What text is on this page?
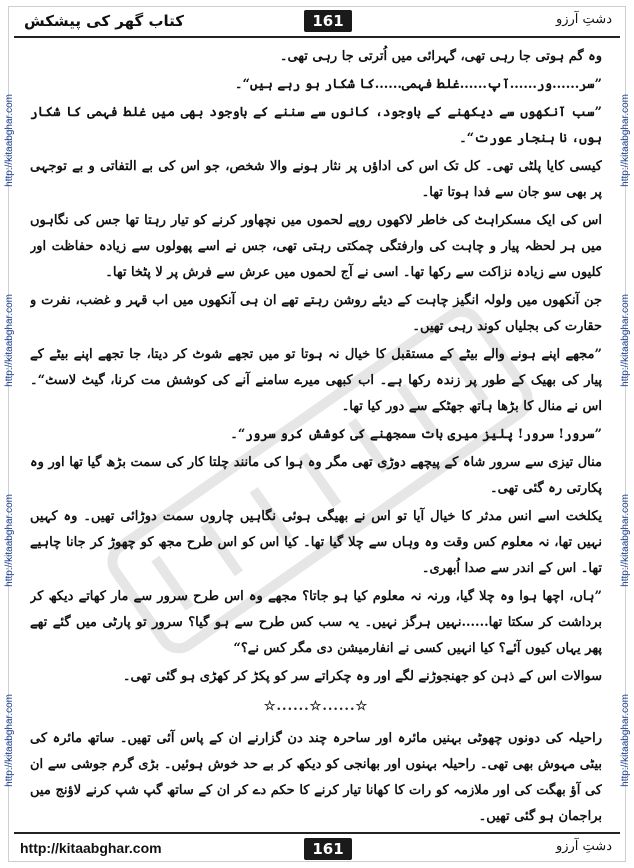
کتاب گھر کی پیشکش	161	دشتِ آرزو
http://kitaabghar.com
http://kitaabghar.com
http://kitaabghar.com
http://kitaabghar.com
http://kitaabghar.com
http://kitaabghar.com
http://kitaabghar.com
http://kitaabghar.com

وہ گم ہوتی جا رہی تھی، گہرائی میں اُترتی جا رہی تھی۔

”سر......ور......آپ......غلط فہمی......کا شکار ہو رہے ہیں“۔

”سب آنکھوں سے دیکھنے کے باوجود، کانوں سے سننے کے باوجود بھی میں غلط فہمی کا شکار ہوں، نا ہنجار عورت“۔

کیسی کایا پلٹی تھی۔ کل تک اس کی اداؤں پر نثار ہونے والا شخص، جو اس کی بے التفاتی و بے توجہی پر بھی سو جان سے فدا ہوتا تھا۔

اس کی ایک مسکراہٹ کی خاطر لاکھوں روپے لحموں میں نچھاور کرنے کو تیار رہتا تھا جس کی نگاہوں میں ہر لحظہ پیار و چاہت کی وارفتگی چمکتی رہتی تھی، جس نے اسے پھولوں سے زیادہ حفاظت اور کلیوں سے زیادہ نزاکت سے رکھا تھا۔ اسی نے آج لحموں میں عرش سے فرش پر لا پٹخا تھا۔

جن آنکھوں میں ولولہ انگیز چاہت کے دیئے روشن رہتے تھے ان ہی آنکھوں میں اب قہر و غضب، نفرت و حقارت کی بجلیاں کوند رہی تھیں۔

”مجھے اپنے ہونے والے بیٹے کے مستقبل کا خیال نہ ہوتا تو میں تجھے شوٹ کر دیتا، جا تجھے اپنے بیٹے کے پیار کی بھیک کے طور پر زندہ رکھا ہے۔ اب کبھی میرے سامنے آنے کی کوشش مت کرنا، گیٹ لاسٹ“۔ اس نے منال کا بڑھا ہاتھ جھٹکے سے دور کیا تھا۔

”سرور! سرور! پلیز میری بات سمجھنے کی کوشش کرو سرور“۔

منال تیزی سے سرور شاہ کے پیچھے دوڑی تھی مگر وہ ہوا کی مانند چلتا کار کی سمت بڑھ گیا تھا اور وہ پکارتی رہ گئی تھی۔

یکلخت اسے انس مدثر کا خیال آیا تو اس نے بھیگی ہوئی نگاہیں چاروں سمت دوڑائی تھیں۔ وہ کہیں نہیں تھا، نہ معلوم کس وقت وہ وہاں سے چلا گیا تھا۔ کیا اس کو اس طرح مجھ کو چھوڑ کر جانا چاہیے تھا۔ اس کے اندر سے صدا اُبھری۔

”ہاں، اچھا ہوا وہ چلا گیا، ورنہ نہ معلوم کیا ہو جاتا؟ مجھے وہ اس طرح سرور سے مار کھاتے دیکھ کر برداشت کر سکتا تھا......نہیں ہرگز نہیں۔ یہ سب کس طرح سے ہو گیا؟ سرور تو پارٹی میں گئے تھے پھر یہاں کیوں آئے؟ کیا انہیں کسی نے انفارمیشن دی مگر کس نے؟“

سوالات اس کے ذہن کو جھنجوڑنے لگے اور وہ چکراتے سر کو پکڑ کر کھڑی ہو گئی تھی۔

☆......☆......☆

راحیلہ کی دونوں چھوٹی بہنیں مائرہ اور ساحرہ چند دن گزارنے ان کے پاس آئی تھیں۔ ساتھ مائرہ کی بیٹی مہوش بھی تھی۔ راحیلہ بہنوں اور بھانجی کو دیکھ کر بے حد خوش ہوئیں۔ بڑی گرم جوشی سے ان کی آؤ بھگت کی اور ملازمہ کو رات کا کھانا تیار کرنے کا حکم دے کر ان کے ساتھ گپ شپ کرنے لاؤنج میں براجمان ہو گئی تھیں۔

http://kitaabghar.com	161	دشتِ آرزو
